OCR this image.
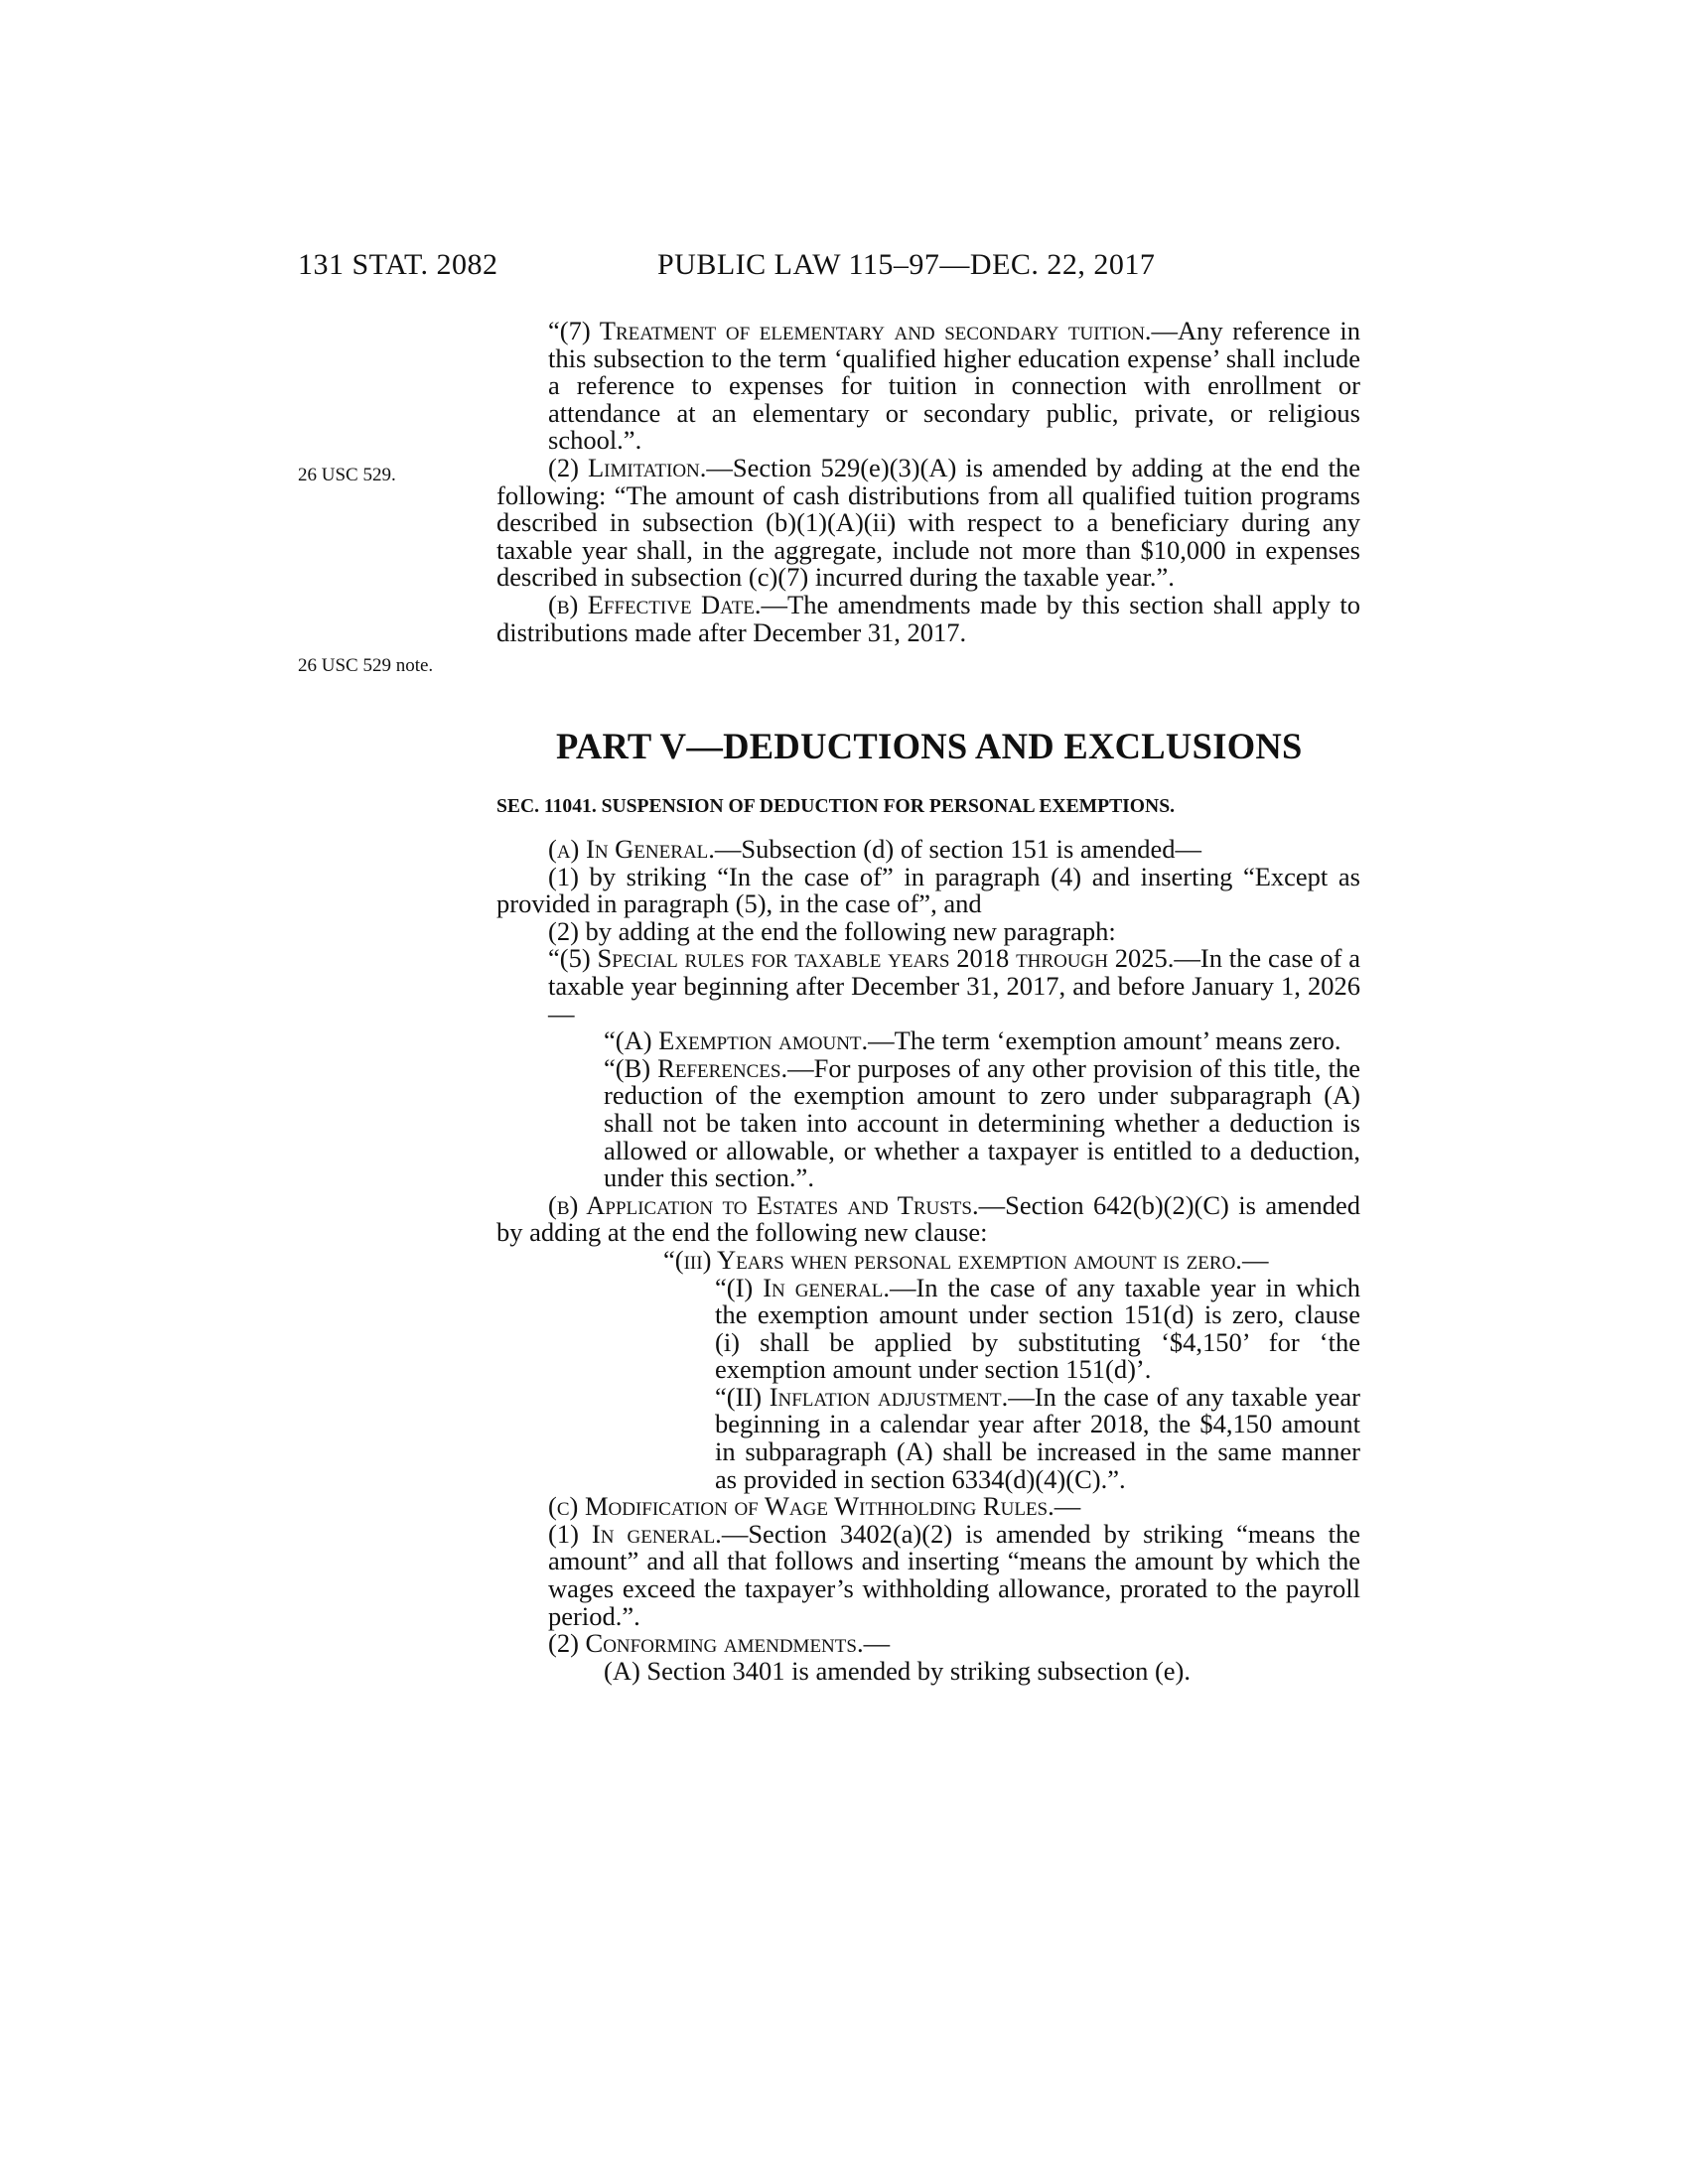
131 STAT. 2082	PUBLIC LAW 115–97—DEC. 22, 2017
26 USC 529.
26 USC 529 note.

“(7) Treatment of elementary and secondary tuition.—Any reference in this subsection to the term ‘qualified higher education expense’ shall include a reference to expenses for tuition in connection with enrollment or attendance at an elementary or secondary public, private, or religious school.”.

(2) Limitation.—Section 529(e)(3)(A) is amended by adding at the end the following: “The amount of cash distributions from all qualified tuition programs described in subsection (b)(1)(A)(ii) with respect to a beneficiary during any taxable year shall, in the aggregate, include not more than $10,000 in expenses described in subsection (c)(7) incurred during the taxable year.”.

(b) Effective Date.—The amendments made by this section shall apply to distributions made after December 31, 2017.

PART V—DEDUCTIONS AND EXCLUSIONS
SEC. 11041. SUSPENSION OF DEDUCTION FOR PERSONAL EXEMPTIONS.

(a) In General.—Subsection (d) of section 151 is amended—

(1) by striking “In the case of” in paragraph (4) and inserting “Except as provided in paragraph (5), in the case of”, and

(2) by adding at the end the following new paragraph:

“(5) Special rules for taxable years 2018 through 2025.—In the case of a taxable year beginning after December 31, 2017, and before January 1, 2026—

“(A) Exemption amount.—The term ‘exemption amount’ means zero.

“(B) References.—For purposes of any other provision of this title, the reduction of the exemption amount to zero under subparagraph (A) shall not be taken into account in determining whether a deduction is allowed or allowable, or whether a taxpayer is entitled to a deduction, under this section.”.

(b) Application to Estates and Trusts.—Section 642(b)(2)(C) is amended by adding at the end the following new clause:

“(iii) Years when personal exemption amount is zero.—

“(I) In general.—In the case of any taxable year in which the exemption amount under section 151(d) is zero, clause (i) shall be applied by substituting ‘$4,150’ for ‘the exemption amount under section 151(d)’.

“(II) Inflation adjustment.—In the case of any taxable year beginning in a calendar year after 2018, the $4,150 amount in subparagraph (A) shall be increased in the same manner as provided in section 6334(d)(4)(C).”.

(c) Modification of Wage Withholding Rules.—

(1) In general.—Section 3402(a)(2) is amended by striking “means the amount” and all that follows and inserting “means the amount by which the wages exceed the taxpayer’s withholding allowance, prorated to the payroll period.”.

(2) Conforming amendments.—

(A) Section 3401 is amended by striking subsection (e).
